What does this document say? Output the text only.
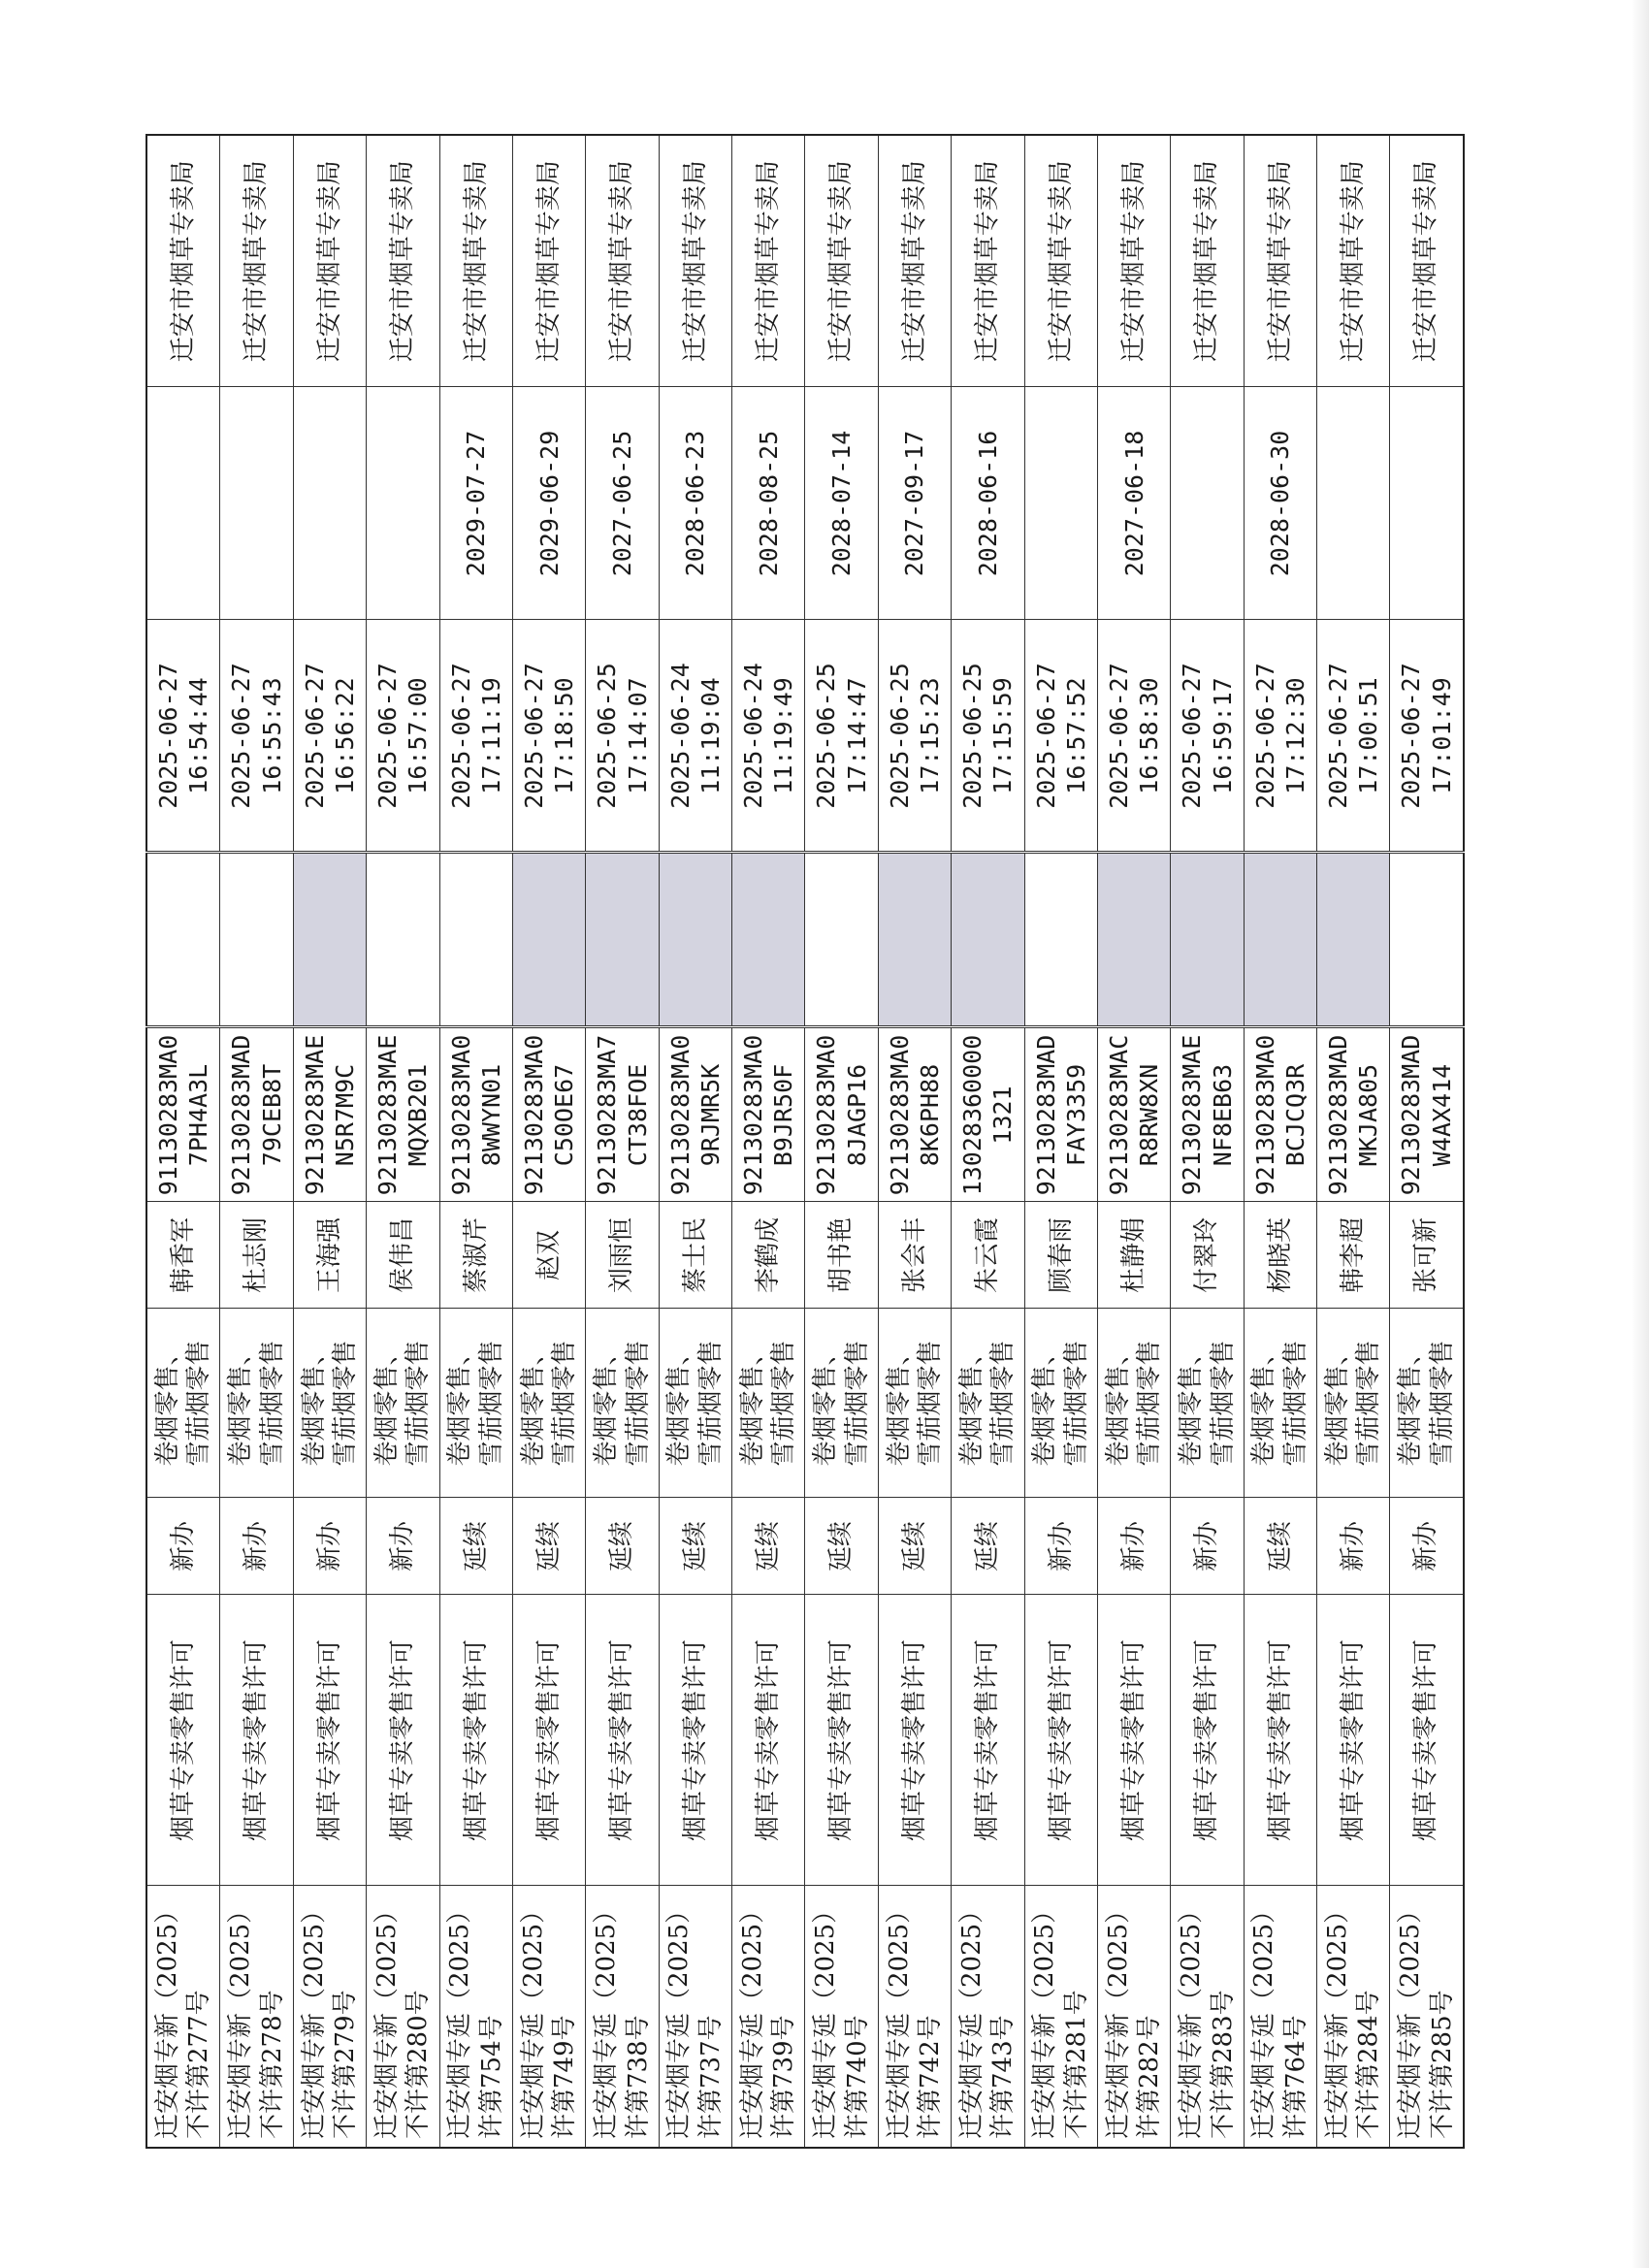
迁安烟专新（2025） 不许第277号	烟草专卖零售许可	新办	卷烟零售、 雪茄烟零售	韩香军	91130283MA0 7PH4A3L		2025-06-27 16:54:44		迁安市烟草专卖局

迁安烟专新（2025） 不许第278号	烟草专卖零售许可	新办	卷烟零售、 雪茄烟零售	杜志刚	92130283MAD 79CEB8T		2025-06-27 16:55:43		迁安市烟草专卖局

迁安烟专新（2025） 不许第279号	烟草专卖零售许可	新办	卷烟零售、 雪茄烟零售	王海强	92130283MAE N5R7M9C		2025-06-27 16:56:22		迁安市烟草专卖局

迁安烟专新（2025） 不许第280号	烟草专卖零售许可	新办	卷烟零售、 雪茄烟零售	侯伟昌	92130283MAE MQXB201		2025-06-27 16:57:00		迁安市烟草专卖局

迁安烟专延（2025） 许第754号	烟草专卖零售许可	延续	卷烟零售、 雪茄烟零售	蔡淑芹	92130283MA0 8WWYN01		2025-06-27 17:11:19	2029-07-27	迁安市烟草专卖局

迁安烟专延（2025） 许第749号	烟草专卖零售许可	延续	卷烟零售、 雪茄烟零售	赵双	92130283MA0 C50OE67		2025-06-27 17:18:50	2029-06-29	迁安市烟草专卖局

迁安烟专延（2025） 许第738号	烟草专卖零售许可	延续	卷烟零售、 雪茄烟零售	刘雨恒	92130283MA7 CT38FOE		2025-06-25 17:14:07	2027-06-25	迁安市烟草专卖局

迁安烟专延（2025） 许第737号	烟草专卖零售许可	延续	卷烟零售、 雪茄烟零售	蔡士民	92130283MA0 9RJMR5K		2025-06-24 11:19:04	2028-06-23	迁安市烟草专卖局

迁安烟专延（2025） 许第739号	烟草专卖零售许可	延续	卷烟零售、 雪茄烟零售	李鹤成	92130283MA0 B9JR50F		2025-06-24 11:19:49	2028-08-25	迁安市烟草专卖局

迁安烟专延（2025） 许第740号	烟草专卖零售许可	延续	卷烟零售、 雪茄烟零售	胡书艳	92130283MA0 8JAGP16		2025-06-25 17:14:47	2028-07-14	迁安市烟草专卖局

迁安烟专延（2025） 许第742号	烟草专卖零售许可	延续	卷烟零售、 雪茄烟零售	张会丰	92130283MA0 8K6PH88		2025-06-25 17:15:23	2027-09-17	迁安市烟草专卖局

迁安烟专延（2025） 许第743号	烟草专卖零售许可	延续	卷烟零售、 雪茄烟零售	朱云霞	13028360000 1321		2025-06-25 17:15:59	2028-06-16	迁安市烟草专卖局

迁安烟专新（2025） 不许第281号	烟草专卖零售许可	新办	卷烟零售、 雪茄烟零售	顾春雨	92130283MAD FAY3359		2025-06-27 16:57:52		迁安市烟草专卖局

迁安烟专新（2025） 许第282号	烟草专卖零售许可	新办	卷烟零售、 雪茄烟零售	杜静娟	92130283MAC R8RW8XN		2025-06-27 16:58:30	2027-06-18	迁安市烟草专卖局

迁安烟专新（2025） 不许第283号	烟草专卖零售许可	新办	卷烟零售、 雪茄烟零售	付翠玲	92130283MAE NF8EB63		2025-06-27 16:59:17		迁安市烟草专卖局

迁安烟专延（2025） 许第764号	烟草专卖零售许可	延续	卷烟零售、 雪茄烟零售	杨晓英	92130283MA0 BCJCQ3R		2025-06-27 17:12:30	2028-06-30	迁安市烟草专卖局

迁安烟专新（2025） 不许第284号	烟草专卖零售许可	新办	卷烟零售、 雪茄烟零售	韩李超	92130283MAD MKJA805		2025-06-27 17:00:51		迁安市烟草专卖局

迁安烟专新（2025） 不许第285号	烟草专卖零售许可	新办	卷烟零售、 雪茄烟零售	张可新	92130283MAD W4AX414		2025-06-27 17:01:49		迁安市烟草专卖局
